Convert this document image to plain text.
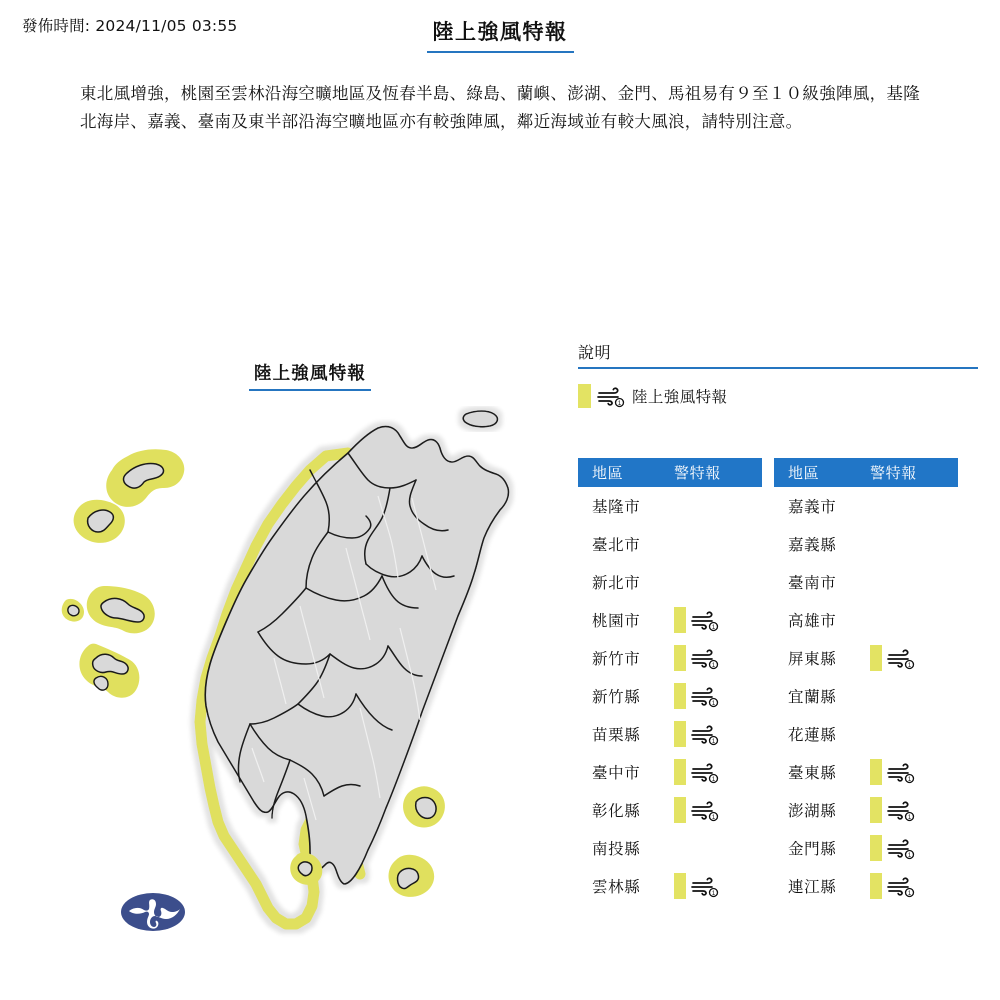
發佈時間: 2024/11/05 03:55	陸上強風特報
東北風增強，桃園至雲林沿海空曠地區及恆春半島、綠島、蘭嶼、澎湖、金門、馬祖易有９至１０級強陣風，基隆北海岸、嘉義、臺南及東半部沿海空曠地區亦有較強陣風，鄰近海域並有較大風浪，請特別注意。
陸上強風特報
說明
1 陸上強風特報
地區	警特報
基隆市
臺北市
新北市
桃園市	1
新竹市	1
新竹縣	1
苗栗縣	1
臺中市	1
彰化縣	1
南投縣
雲林縣	1
地區	警特報
嘉義市
嘉義縣
臺南市
高雄市
屏東縣	1
宜蘭縣
花蓮縣
臺東縣	1
澎湖縣	1
金門縣	1
連江縣	1
